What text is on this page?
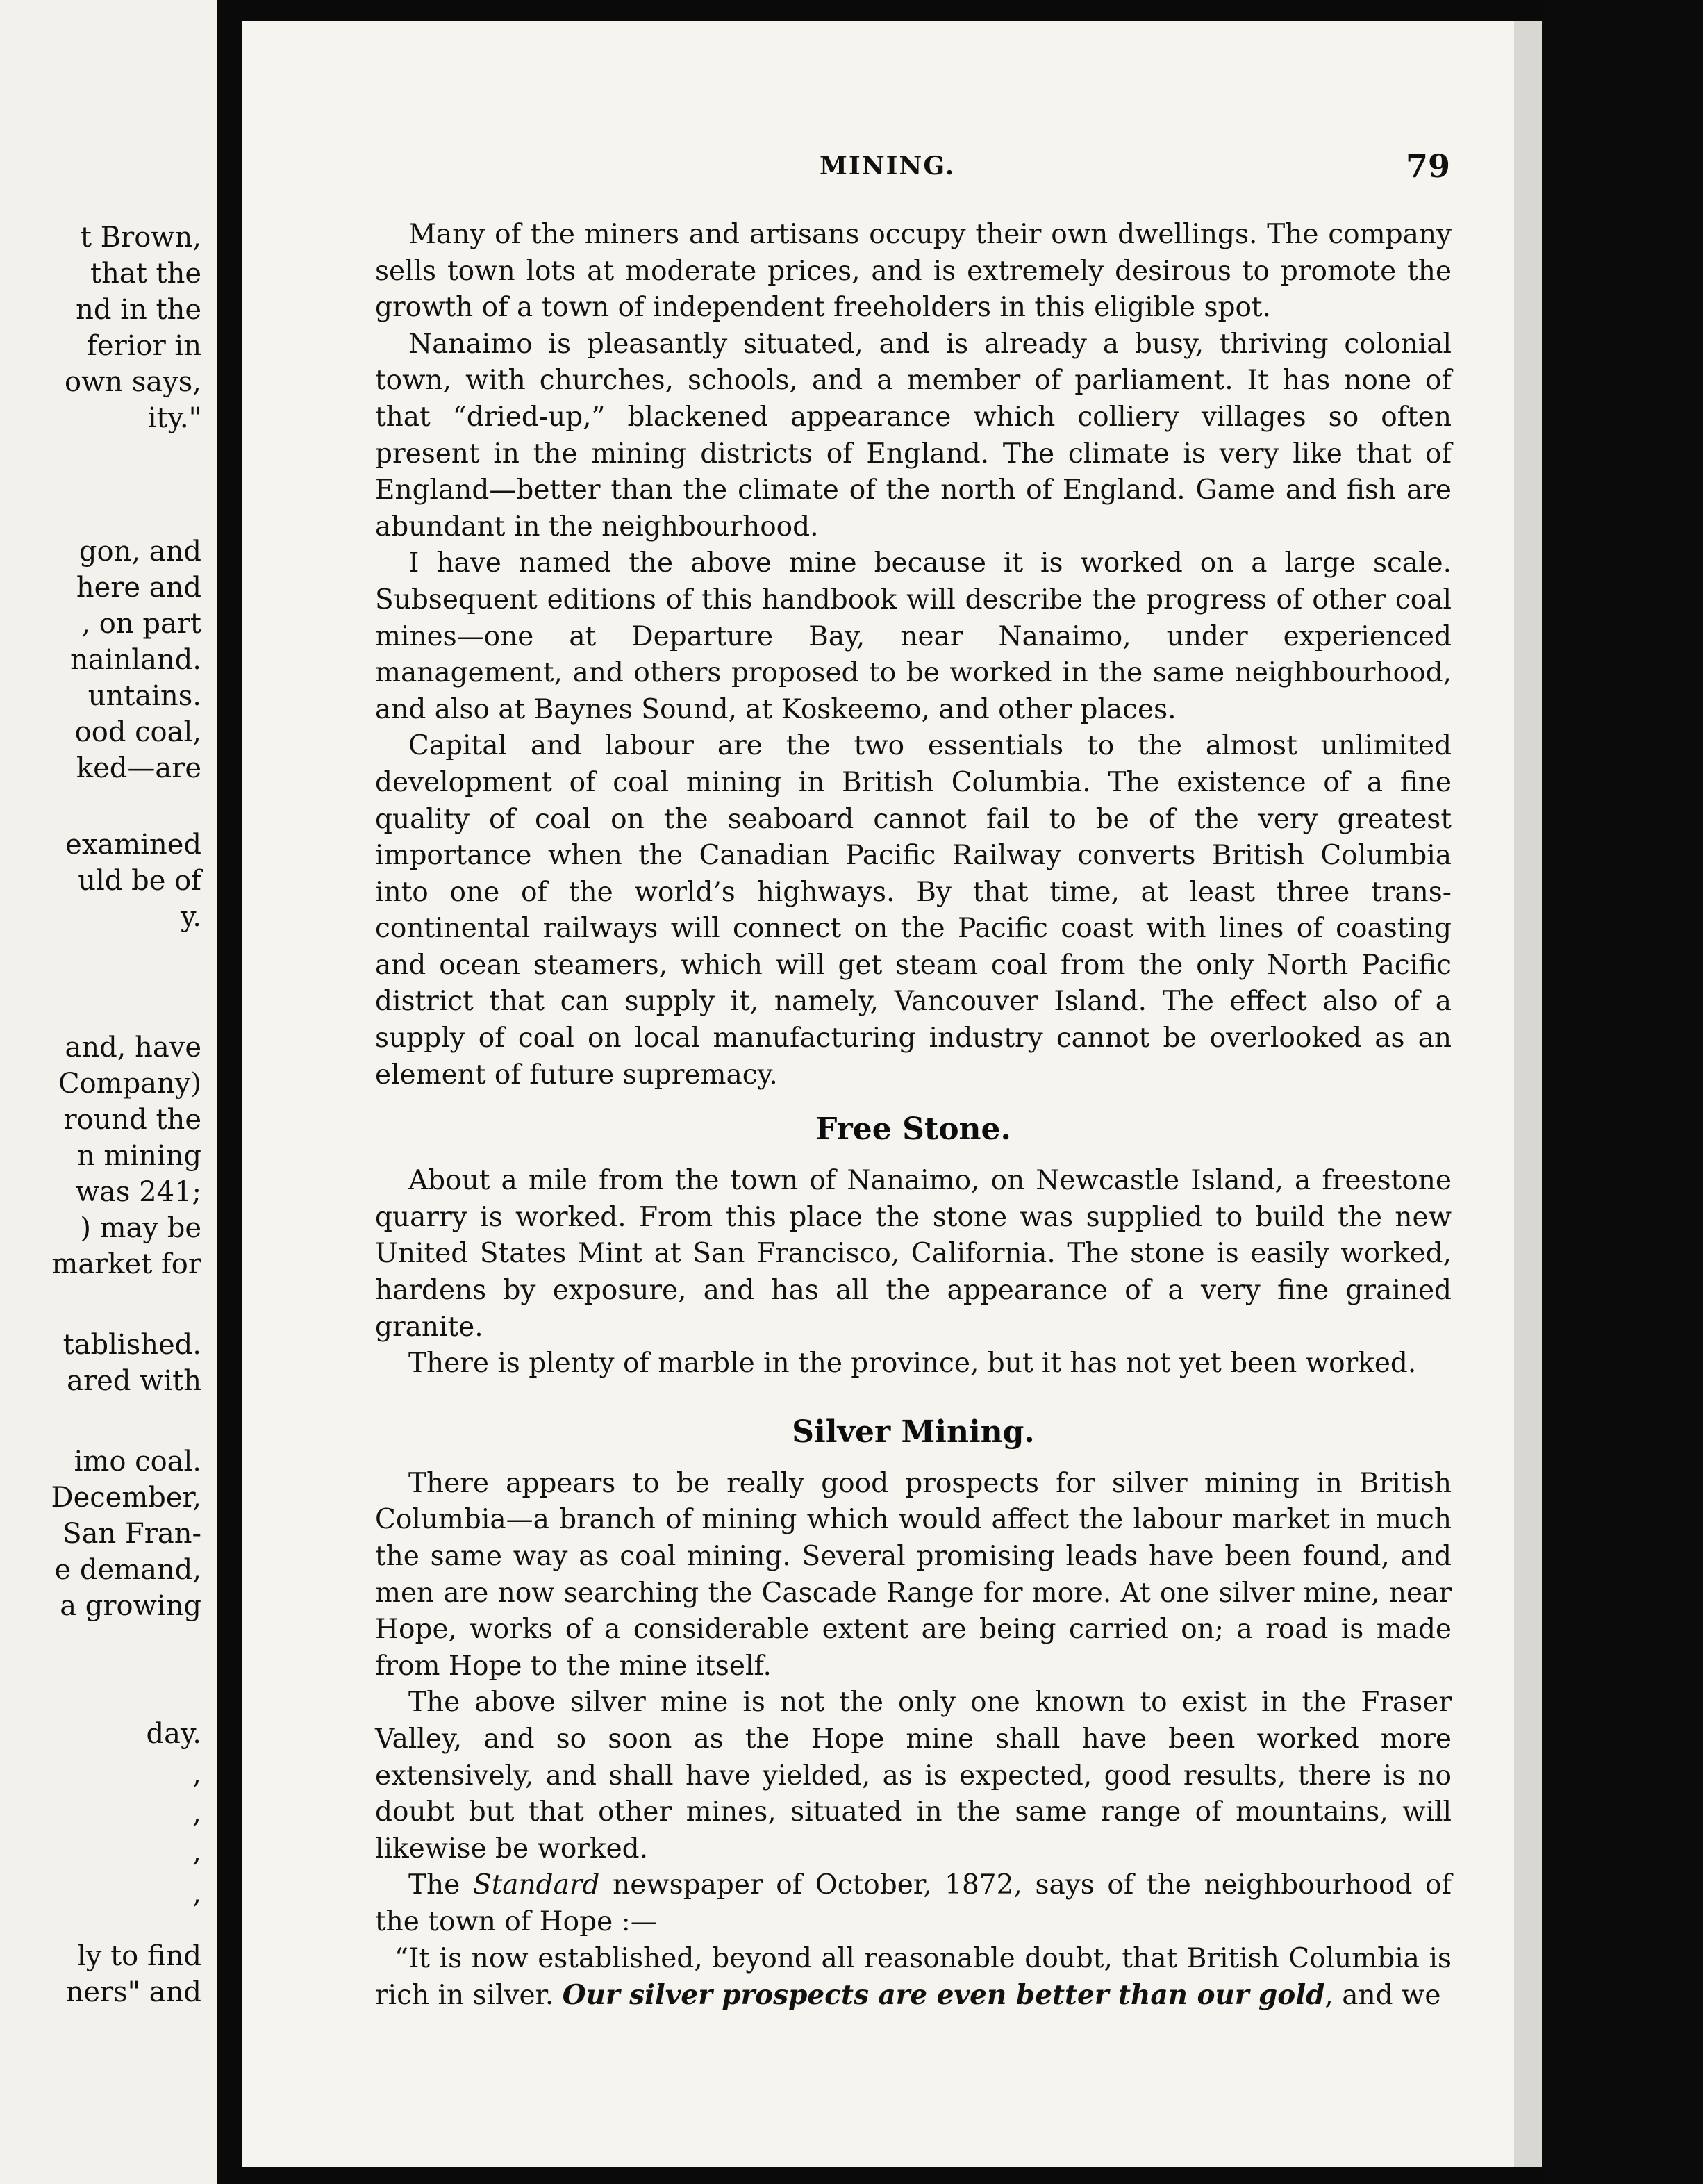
t Brown,
that the
nd in the
ferior in
own says,
ity."
gon, and
here and
, on part
nainland.
untains.
ood coal,
ked—are
examined
uld be of
y.
and, have
Company)
round the
n mining
was 241;
) may be
market for
tablished.
ared with
imo coal.
December,
San Fran-
e demand,
a growing
day.
,
,
,
,
ly to find
ners" and
MINING.	79

Many of the miners and artisans occupy their own dwellings. The company sells town lots at moderate prices, and is extremely desirous to promote the growth of a town of independent freeholders in this eligible spot.

Nanaimo is pleasantly situated, and is already a busy, thriving colonial town, with churches, schools, and a member of parliament. It has none of that “dried-up,” blackened appearance which colliery villages so often present in the mining districts of England. The climate is very like that of England—better than the climate of the north of England. Game and fish are abundant in the neighbourhood.

I have named the above mine because it is worked on a large scale. Subsequent editions of this handbook will describe the progress of other coal mines—one at Departure Bay, near Nanaimo, under experienced management, and others proposed to be worked in the same neighbourhood, and also at Baynes Sound, at Koskeemo, and other places.

Capital and labour are the two essentials to the almost unlimited development of coal mining in British Columbia. The existence of a fine quality of coal on the seaboard cannot fail to be of the very greatest importance when the Canadian Pacific Railway converts British Columbia into one of the world’s highways. By that time, at least three trans-continental railways will connect on the Pacific coast with lines of coasting and ocean steamers, which will get steam coal from the only North Pacific district that can supply it, namely, Vancouver Island. The effect also of a supply of coal on local manufacturing industry cannot be overlooked as an element of future supremacy.

Free Stone.

About a mile from the town of Nanaimo, on Newcastle Island, a freestone quarry is worked. From this place the stone was supplied to build the new United States Mint at San Francisco, California. The stone is easily worked, hardens by exposure, and has all the appearance of a very fine grained granite.

There is plenty of marble in the province, but it has not yet been worked.

Silver Mining.

There appears to be really good prospects for silver mining in British Columbia—a branch of mining which would affect the labour market in much the same way as coal mining. Several promising leads have been found, and men are now searching the Cascade Range for more. At one silver mine, near Hope, works of a considerable extent are being carried on; a road is made from Hope to the mine itself.

The above silver mine is not the only one known to exist in the Fraser Valley, and so soon as the Hope mine shall have been worked more extensively, and shall have yielded, as is expected, good results, there is no doubt but that other mines, situated in the same range of mountains, will likewise be worked.

The Standard newspaper of October, 1872, says of the neighbourhood of the town of Hope :—

“It is now established, beyond all reasonable doubt, that British Columbia is rich in silver. Our silver prospects are even better than our gold, and we
